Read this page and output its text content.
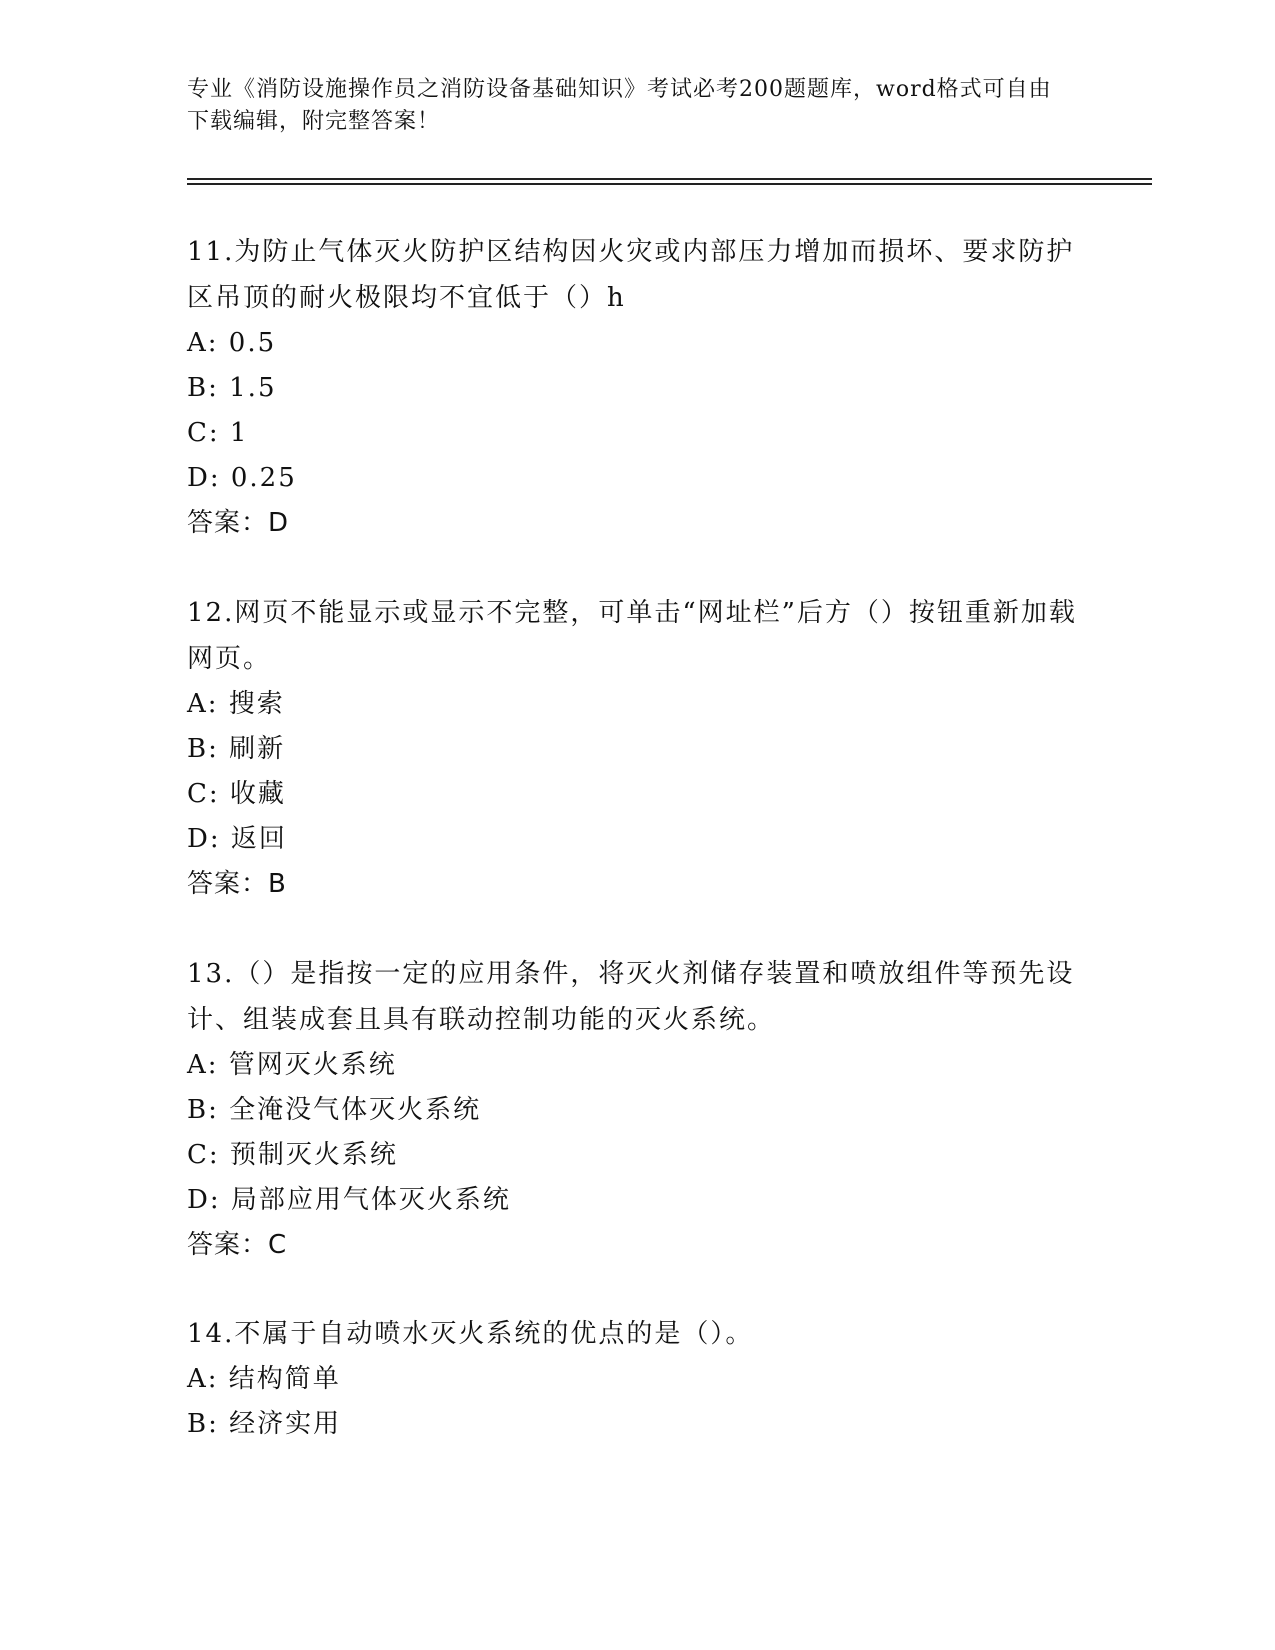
专业《消防设施操作员之消防设备基础知识》考试必考200题题库，word格式可自由下载编辑，附完整答案！

11.为防止气体灭火防护区结构因火灾或内部压力增加而损坏、要求防护区吊顶的耐火极限均不宜低于（）h

A: 0.5

B: 1.5

C: 1

D: 0.25

答案：D

12.网页不能显示或显示不完整，可单击“网址栏”后方（）按钮重新加载网页。

A: 搜索

B: 刷新

C: 收藏

D: 返回

答案：B

13.（）是指按一定的应用条件，将灭火剂储存装置和喷放组件等预先设计、组装成套且具有联动控制功能的灭火系统。

A: 管网灭火系统

B: 全淹没气体灭火系统

C: 预制灭火系统

D: 局部应用气体灭火系统

答案：C

14.不属于自动喷水灭火系统的优点的是（）。

A: 结构简单

B: 经济实用
